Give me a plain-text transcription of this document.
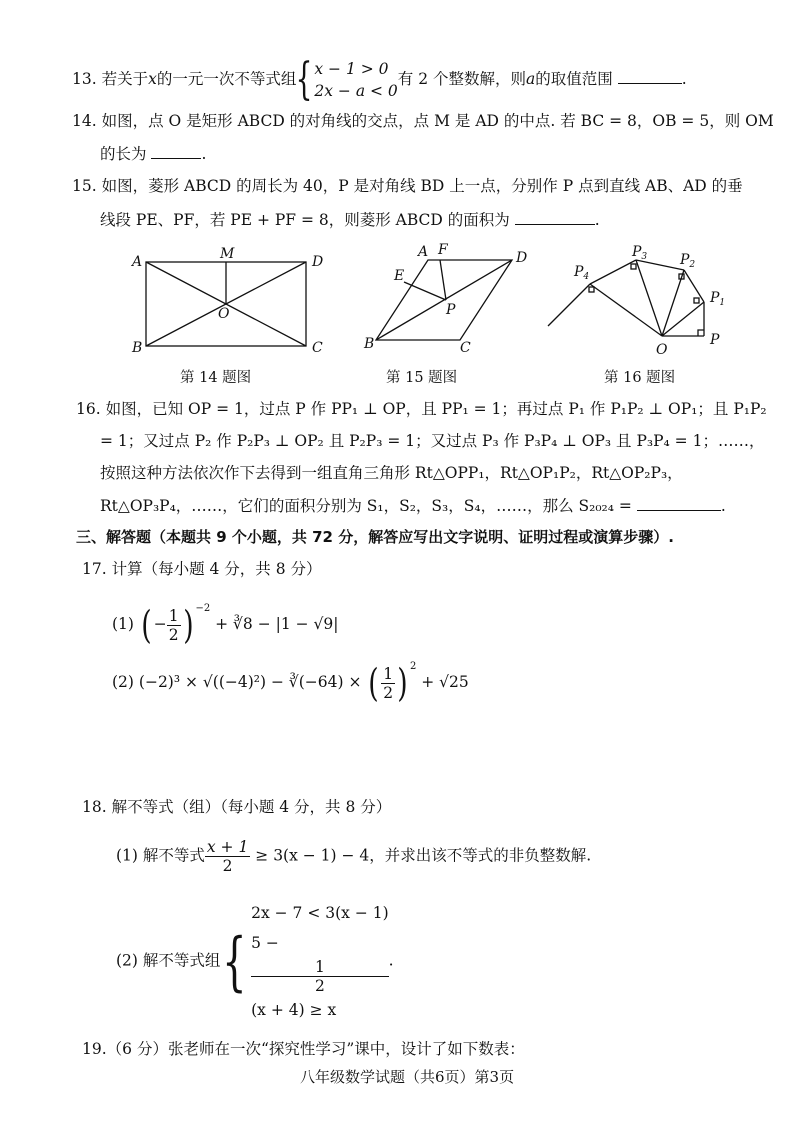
13. 若关于x的一元一次不等式组{ x − 1 > 0
2x − a < 0
有 2 个整数解，则a的取值范围	.
14. 如图，点 O 是矩形 ABCD 的对角线的交点，点 M 是 AD 的中点. 若 BC = 8，OB = 5，则 OM
的长为	.
15. 如图，菱形 ABCD 的周长为 40，P 是对角线 BD 上一点，分别作 P 点到直线 AB、AD 的垂
线段 PE、PF，若 PE + PF = 8，则菱形 ABCD 的面积为	.
A	M	D
O
B	C
A F	D
E
P
B	C
$P_3$ $P_2$
$P_4$
$P_1$
O
P
第 14 题图	第 15 题图	第 16 题图
16. 如图，已知 OP = 1，过点 P 作 PP₁ ⊥ OP，且 PP₁ = 1；再过点 P₁ 作 P₁P₂ ⊥ OP₁；且 P₁P₂
= 1；又过点 P₂ 作 P₂P₃ ⊥ OP₂ 且 P₂P₃ = 1；又过点 P₃ 作 P₃P₄ ⊥ OP₃ 且 P₃P₄ = 1；……，
按照这种方法依次作下去得到一组直角三角形 Rt△OPP₁，Rt△OP₁P₂，Rt△OP₂P₃，
Rt△OP₃P₄，……，它们的面积分别为 S₁，S₂，S₃，S₄，……，那么 S₂₀₂₄ =	.
三、解答题（本题共 9 个小题，共 72 分，解答应写出文字说明、证明过程或演算步骤）.
17. 计算（每小题 4 分，共 8 分）
(1) ( − $\frac{1}{2}$ ) $^{-2}$ + ∛8 − |1 − √9|
(2) (−2)³ × √((−4)²) − ∛(−64) × ( $\frac{1}{2}$ ) $^2$ + √25
18. 解不等式（组）（每小题 4 分，共 8 分）
(1) 解不等式 $\frac{x + 1}{2} \ge 3(x - 1) - 4$，并求出该不等式的非负整数解.
(2) 解不等式组{
2x − 7 < 3(x − 1)
5 −
1
2
(x + 4) ≥ x
.
19.（6 分）张老师在一次“探究性学习”课中，设计了如下数表：
八年级数学试题（共6页）第3页
